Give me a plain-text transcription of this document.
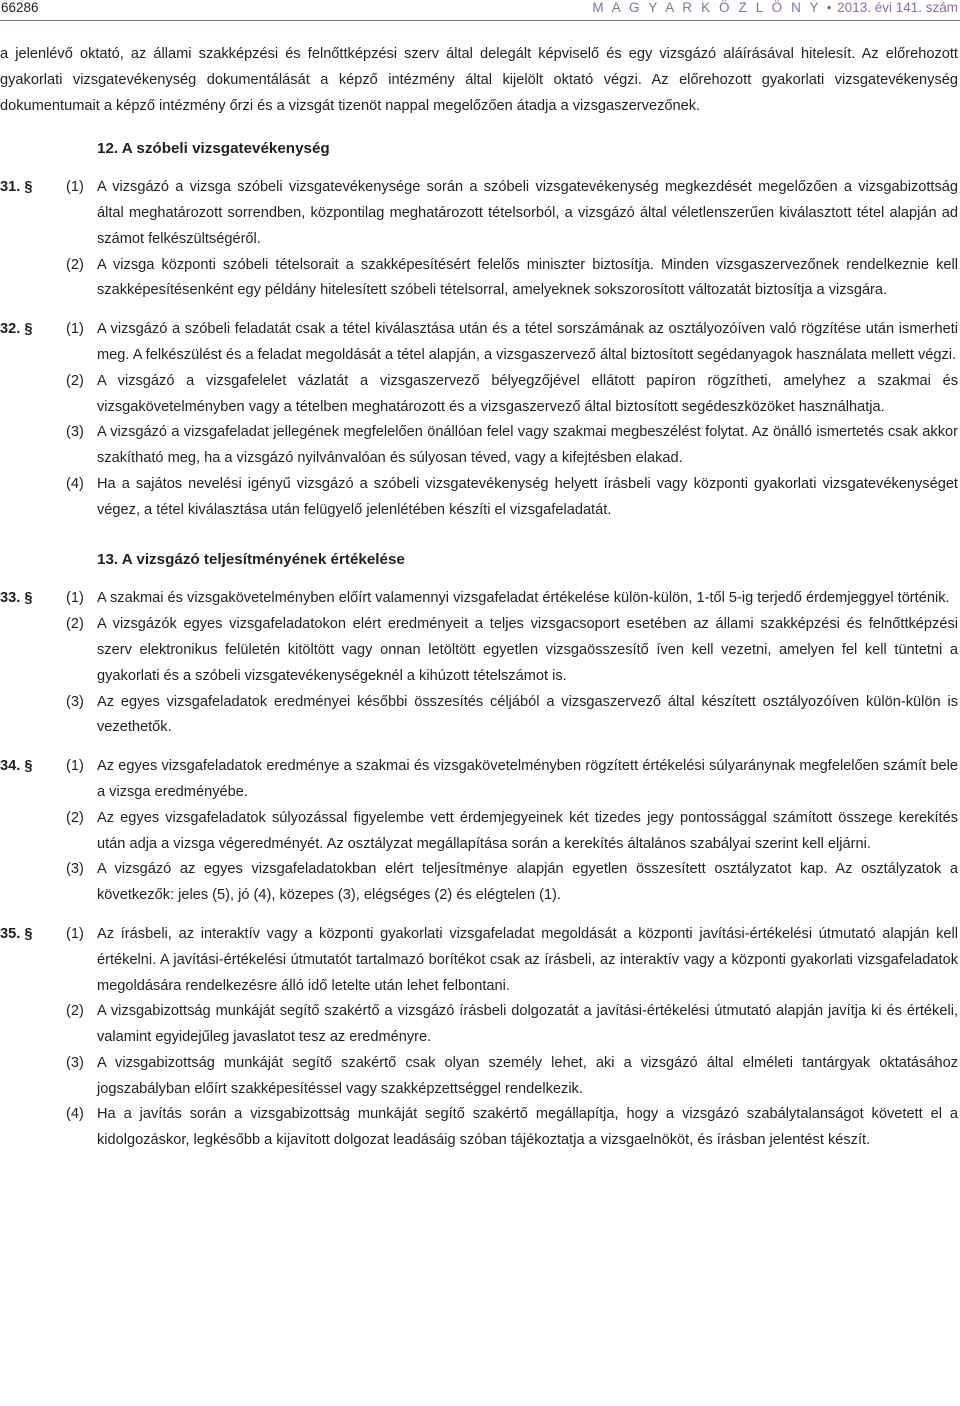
66286	M A G Y A R K Ö Z L Ö N Y • 2013. évi 141. szám

a jelenlévő oktató, az állami szakképzési és felnőttképzési szerv által delegált képviselő és egy vizsgázó aláírásával hitelesít. Az előrehozott gyakorlati vizsgatevékenység dokumentálását a képző intézmény által kijelölt oktató végzi. Az előrehozott gyakorlati vizsgatevékenység dokumentumait a képző intézmény őrzi és a vizsgát tizenöt nappal megelőzően átadja a vizsgaszervezőnek.

12. A szóbeli vizsgatevékenység

31. §	(1) A vizsgázó a vizsga szóbeli vizsgatevékenysége során a szóbeli vizsgatevékenység megkezdését megelőzően a vizsgabizottság által meghatározott sorrendben, központilag meghatározott tételsorból, a vizsgázó által véletlenszerűen kiválasztott tétel alapján ad számot felkészültségéről.

(2) A vizsga központi szóbeli tételsorait a szakképesítésért felelős miniszter biztosítja. Minden vizsgaszervezőnek rendelkeznie kell szakképesítésenként egy példány hitelesített szóbeli tételsorral, amelyeknek sokszorosított változatát biztosítja a vizsgára.

32. §	(1) A vizsgázó a szóbeli feladatát csak a tétel kiválasztása után és a tétel sorszámának az osztályozóíven való rögzítése után ismerheti meg. A felkészülést és a feladat megoldását a tétel alapján, a vizsgaszervező által biztosított segédanyagok használata mellett végzi.

(2) A vizsgázó a vizsgafelelet vázlatát a vizsgaszervező bélyegzőjével ellátott papíron rögzítheti, amelyhez a szakmai és vizsgakövetelményben vagy a tételben meghatározott és a vizsgaszervező által biztosított segédeszközöket használhatja.

(3) A vizsgázó a vizsgafeladat jellegének megfelelően önállóan felel vagy szakmai megbeszélést folytat. Az önálló ismertetés csak akkor szakítható meg, ha a vizsgázó nyilvánvalóan és súlyosan téved, vagy a kifejtésben elakad.

(4) Ha a sajátos nevelési igényű vizsgázó a szóbeli vizsgatevékenység helyett írásbeli vagy központi gyakorlati vizsgatevékenységet végez, a tétel kiválasztása után felügyelő jelenlétében készíti el vizsgafeladatát.

13. A vizsgázó teljesítményének értékelése

33. §	(1) A szakmai és vizsgakövetelményben előírt valamennyi vizsgafeladat értékelése külön-külön, 1-től 5-ig terjedő érdemjeggyel történik.

(2) A vizsgázók egyes vizsgafeladatokon elért eredményeit a teljes vizsgacsoport esetében az állami szakképzési és felnőttképzési szerv elektronikus felületén kitöltött vagy onnan letöltött egyetlen vizsgaösszesítő íven kell vezetni, amelyen fel kell tüntetni a gyakorlati és a szóbeli vizsgatevékenységeknél a kihúzott tételszámot is.

(3) Az egyes vizsgafeladatok eredményei későbbi összesítés céljából a vizsgaszervező által készített osztályozóíven külön-külön is vezethetők.

34. §	(1) Az egyes vizsgafeladatok eredménye a szakmai és vizsgakövetelményben rögzített értékelési súlyaránynak megfelelően számít bele a vizsga eredményébe.

(2) Az egyes vizsgafeladatok súlyozással figyelembe vett érdemjegyeinek két tizedes jegy pontossággal számított összege kerekítés után adja a vizsga végeredményét. Az osztályzat megállapítása során a kerekítés általános szabályai szerint kell eljárni.

(3) A vizsgázó az egyes vizsgafeladatokban elért teljesítménye alapján egyetlen összesített osztályzatot kap. Az osztályzatok a következők: jeles (5), jó (4), közepes (3), elégséges (2) és elégtelen (1).

35. §	(1) Az írásbeli, az interaktív vagy a központi gyakorlati vizsgafeladat megoldását a központi javítási-értékelési útmutató alapján kell értékelni. A javítási-értékelési útmutatót tartalmazó borítékot csak az írásbeli, az interaktív vagy a központi gyakorlati vizsgafeladatok megoldására rendelkezésre álló idő letelte után lehet felbontani.

(2) A vizsgabizottság munkáját segítő szakértő a vizsgázó írásbeli dolgozatát a javítási-értékelési útmutató alapján javítja ki és értékeli, valamint egyidejűleg javaslatot tesz az eredményre.

(3) A vizsgabizottság munkáját segítő szakértő csak olyan személy lehet, aki a vizsgázó által elméleti tantárgyak oktatásához jogszabályban előírt szakképesítéssel vagy szakképzettséggel rendelkezik.

(4) Ha a javítás során a vizsgabizottság munkáját segítő szakértő megállapítja, hogy a vizsgázó szabálytalanságot követett el a kidolgozáskor, legkésőbb a kijavított dolgozat leadásáig szóban tájékoztatja a vizsgaelnököt, és írásban jelentést készít.
